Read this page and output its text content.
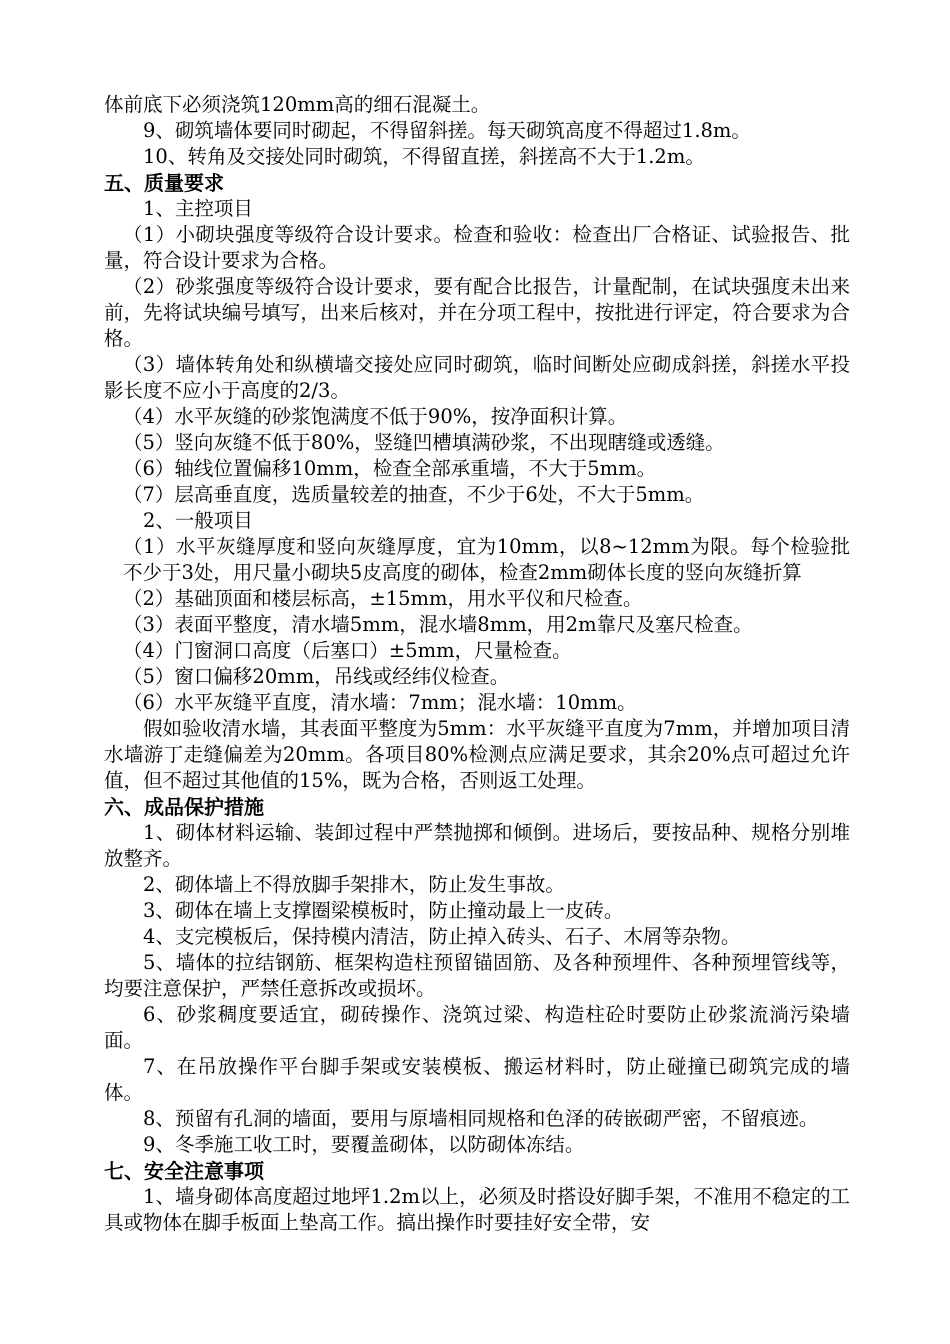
体前底下必须浇筑120mm高的细石混凝土。

9、砌筑墙体要同时砌起，不得留斜搓。每天砌筑高度不得超过1.8m。

10、转角及交接处同时砌筑，不得留直搓，斜搓高不大于1.2m。

五、质量要求

1、主控项目

（1）小砌块强度等级符合设计要求。检查和验收：检查出厂合格证、试验报告、批量，符合设计要求为合格。

（2）砂浆强度等级符合设计要求，要有配合比报告，计量配制，在试块强度未出来前，先将试块编号填写，出来后核对，并在分项工程中，按批进行评定，符合要求为合格。

（3）墙体转角处和纵横墙交接处应同时砌筑，临时间断处应砌成斜搓，斜搓水平投影长度不应小于高度的2/3。

（4）水平灰缝的砂浆饱满度不低于90%，按净面积计算。

（5）竖向灰缝不低于80%，竖缝凹槽填满砂浆，不出现瞎缝或透缝。

（6）轴线位置偏移10mm，检查全部承重墙，不大于5mm。

（7）层高垂直度，选质量较差的抽查，不少于6处，不大于5mm。

2、一般项目

（1）水平灰缝厚度和竖向灰缝厚度，宜为10mm，以8~12mm为限。每个检验批不少于3处，用尺量小砌块5皮高度的砌体，检查2mm砌体长度的竖向灰缝折算

（2）基础顶面和楼层标高，±15mm，用水平仪和尺检查。

（3）表面平整度，清水墙5mm，混水墙8mm，用2m靠尺及塞尺检查。

（4）门窗洞口高度（后塞口）±5mm，尺量检查。

（5）窗口偏移20mm，吊线或经纬仪检查。

（6）水平灰缝平直度，清水墙：7mm；混水墙：10mm。

假如验收清水墙，其表面平整度为5mm：水平灰缝平直度为7mm，并增加项目清水墙游丁走缝偏差为20mm。各项目80%检测点应满足要求，其余20%点可超过允许值，但不超过其他值的15%，既为合格，否则返工处理。

六、成品保护措施

1、砌体材料运输、装卸过程中严禁抛掷和倾倒。进场后，要按品种、规格分别堆放整齐。

2、砌体墙上不得放脚手架排木，防止发生事故。

3、砌体在墙上支撑圈梁模板时，防止撞动最上一皮砖。

4、支完模板后，保持模内清洁，防止掉入砖头、石子、木屑等杂物。

5、墙体的拉结钢筋、框架构造柱预留锚固筋、及各种预埋件、各种预埋管线等，均要注意保护，严禁任意拆改或损坏。

6、砂浆稠度要适宜，砌砖操作、浇筑过梁、构造柱砼时要防止砂浆流淌污染墙面。

7、在吊放操作平台脚手架或安装模板、搬运材料时，防止碰撞已砌筑完成的墙体。

8、预留有孔洞的墙面，要用与原墙相同规格和色泽的砖嵌砌严密，不留痕迹。

9、冬季施工收工时，要覆盖砌体，以防砌体冻结。

七、安全注意事项

1、墙身砌体高度超过地坪1.2m以上，必须及时搭设好脚手架，不准用不稳定的工具或物体在脚手板面上垫高工作。搞出操作时要挂好安全带，安
